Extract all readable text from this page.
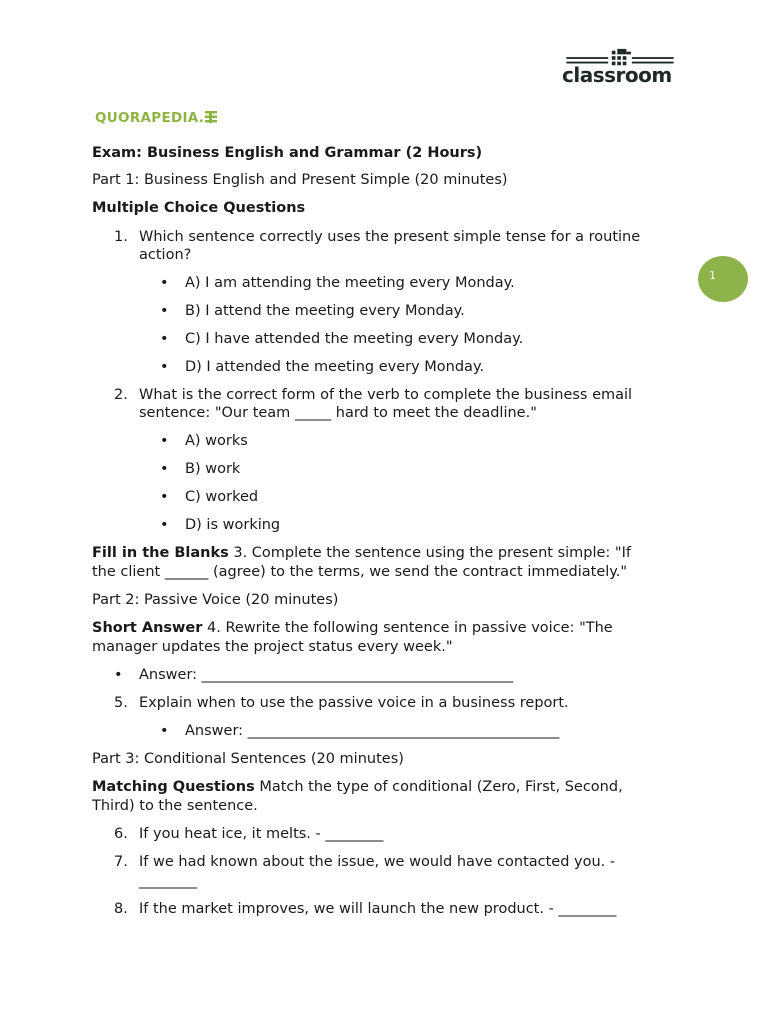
classroom
QUORAPEDIA.
1
Exam: Business English and Grammar (2 Hours)
Part 1: Business English and Present Simple (20 minutes)
Multiple Choice Questions
1. Which sentence correctly uses the present simple tense for a routine
action?
• A) I am attending the meeting every Monday.
• B) I attend the meeting every Monday.
• C) I have attended the meeting every Monday.
• D) I attended the meeting every Monday.
2. What is the correct form of the verb to complete the business email
sentence: "Our team _____ hard to meet the deadline."
• A) works
• B) work
• C) worked
• D) is working
Fill in the Blanks 3. Complete the sentence using the present simple: "If
the client ______ (agree) to the terms, we send the contract immediately."
Part 2: Passive Voice (20 minutes)
Short Answer 4. Rewrite the following sentence in passive voice: "The
manager updates the project status every week."
• Answer: ___________________________________________
5. Explain when to use the passive voice in a business report.
• Answer: ___________________________________________
Part 3: Conditional Sentences (20 minutes)
Matching Questions Match the type of conditional (Zero, First, Second,
Third) to the sentence.
6. If you heat ice, it melts. - ________
7. If we had known about the issue, we would have contacted you. -
________
8. If the market improves, we will launch the new product. - ________
